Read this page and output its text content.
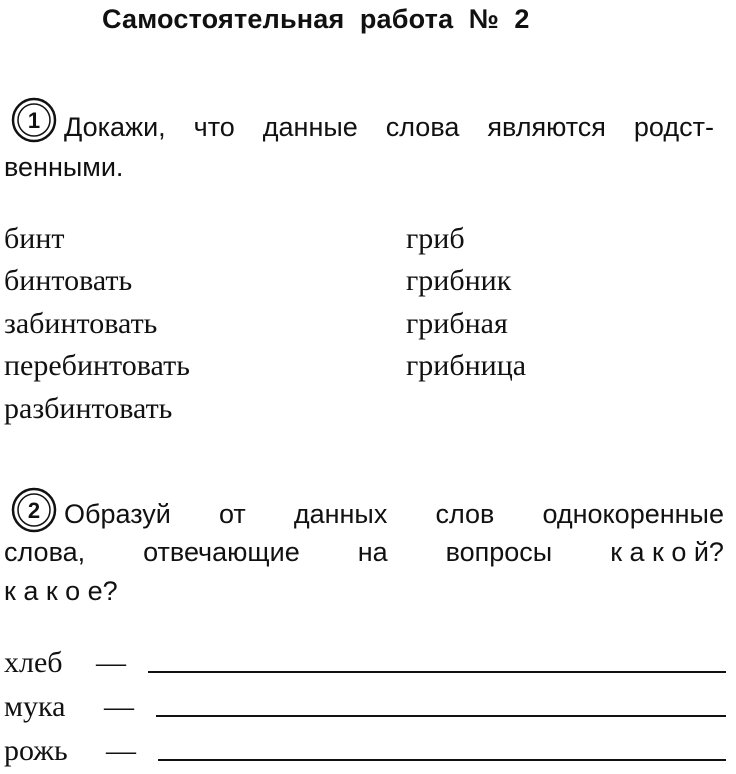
Самостоятельная  работа  №  2
1 Докажи, что данные слова являются родст-
венными.
бинт
бинтовать
забинтовать
перебинтовать
разбинтовать
гриб
грибник
грибная
грибница
2 Образуй от данных слов однокоренные
слова, отвечающие на вопросы к а к о й?
к а к о е?
хлеб —
мука —
рожь —
